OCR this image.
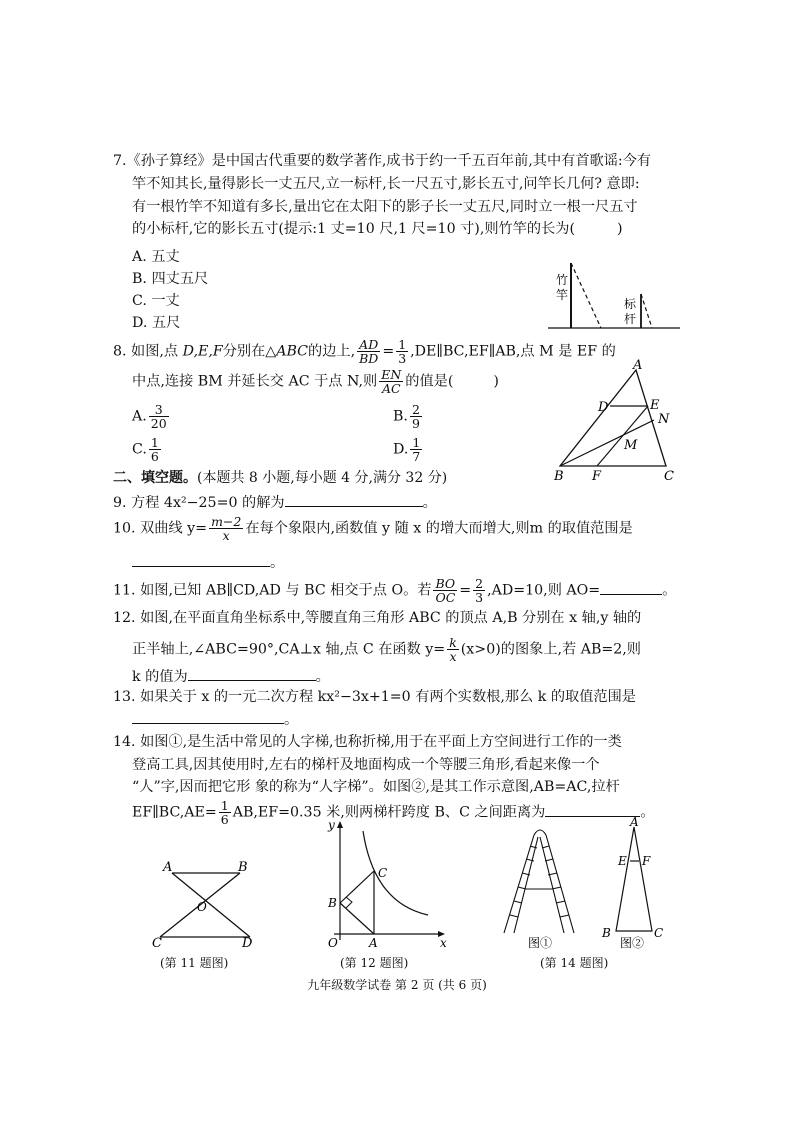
7.《孙子算经》是中国古代重要的数学著作,成书于约一千五百年前,其中有首歌谣:今有
竿不知其长,量得影长一丈五尺,立一标杆,长一尺五寸,影长五寸,问竿长几何? 意即:
有一根竹竿不知道有多长,量出它在太阳下的影子长一丈五尺,同时立一根一尺五寸
的小标杆,它的影长五寸(提示:1 丈=10 尺,1 尺=10 寸),则竹竿的长为(	)
A. 五丈
B. 四丈五尺
C. 一丈
D. 五尺
竹
竿
标
杆
8. 如图,点 D,E,F分别在△ABC的边上, $\frac{AD}{BD} = \frac{1}{3}$ ,DE∥BC,EF∥AB,点 M 是 EF 的
中点,连接 BM 并延长交 AC 于点 N,则 $\frac{EN}{AC}$ 的值是(	)
A. $\frac{3}{20}$	B. $\frac{2}{9}$
C. $\frac{1}{6}$	D. $\frac{1}{7}$
A
D	E
N
M
B F	C
二、填空题。(本题共 8 小题,每小题 4 分,满分 32 分)
9. 方程 4x²−25=0 的解为	。
10. 双曲线 $y= \frac{m-2}{x}$ 在每个象限内,函数值 y 随 x 的增大而增大,则m 的取值范围是
。
11. 如图,已知 AB∥CD,AD 与 BC 相交于点 O。若 $\frac{BO}{OC} = \frac{2}{3} ,AD=10$,则 AO=	。
12. 如图,在平面直角坐标系中,等腰直角三角形 ABC 的顶点 A,B 分别在 x 轴,y 轴的
正半轴上,∠ABC=90°,CA⊥x 轴,点 C 在函数 $y= \frac{k}{x} (x>0)$的图象上,若 AB=2,则
k 的值为	。
13. 如果关于 x 的一元二次方程 kx²−3x+1=0 有两个实数根,那么 k 的取值范围是
。
14. 如图①,是生活中常见的人字梯,也称折梯,用于在平面上方空间进行工作的一类
登高工具,因其使用时,左右的梯杆及地面构成一个等腰三角形,看起来像一个
“人”字,因而把它形 象的称为“人字梯”。如图②,是其工作示意图,AB=AC,拉杆
EF∥BC,AE= $\frac{1}{6} AB,EF=0.35$ 米,则两梯杆跨度 B、C 之间距离为	。
A	B
C	D
O
(第 11 题图)
y
x
O	A
B
C
(第 12 题图)
A
E F
B	C
图①	图②
(第 14 题图)
九年级数学试卷 第 2 页 (共 6 页)
